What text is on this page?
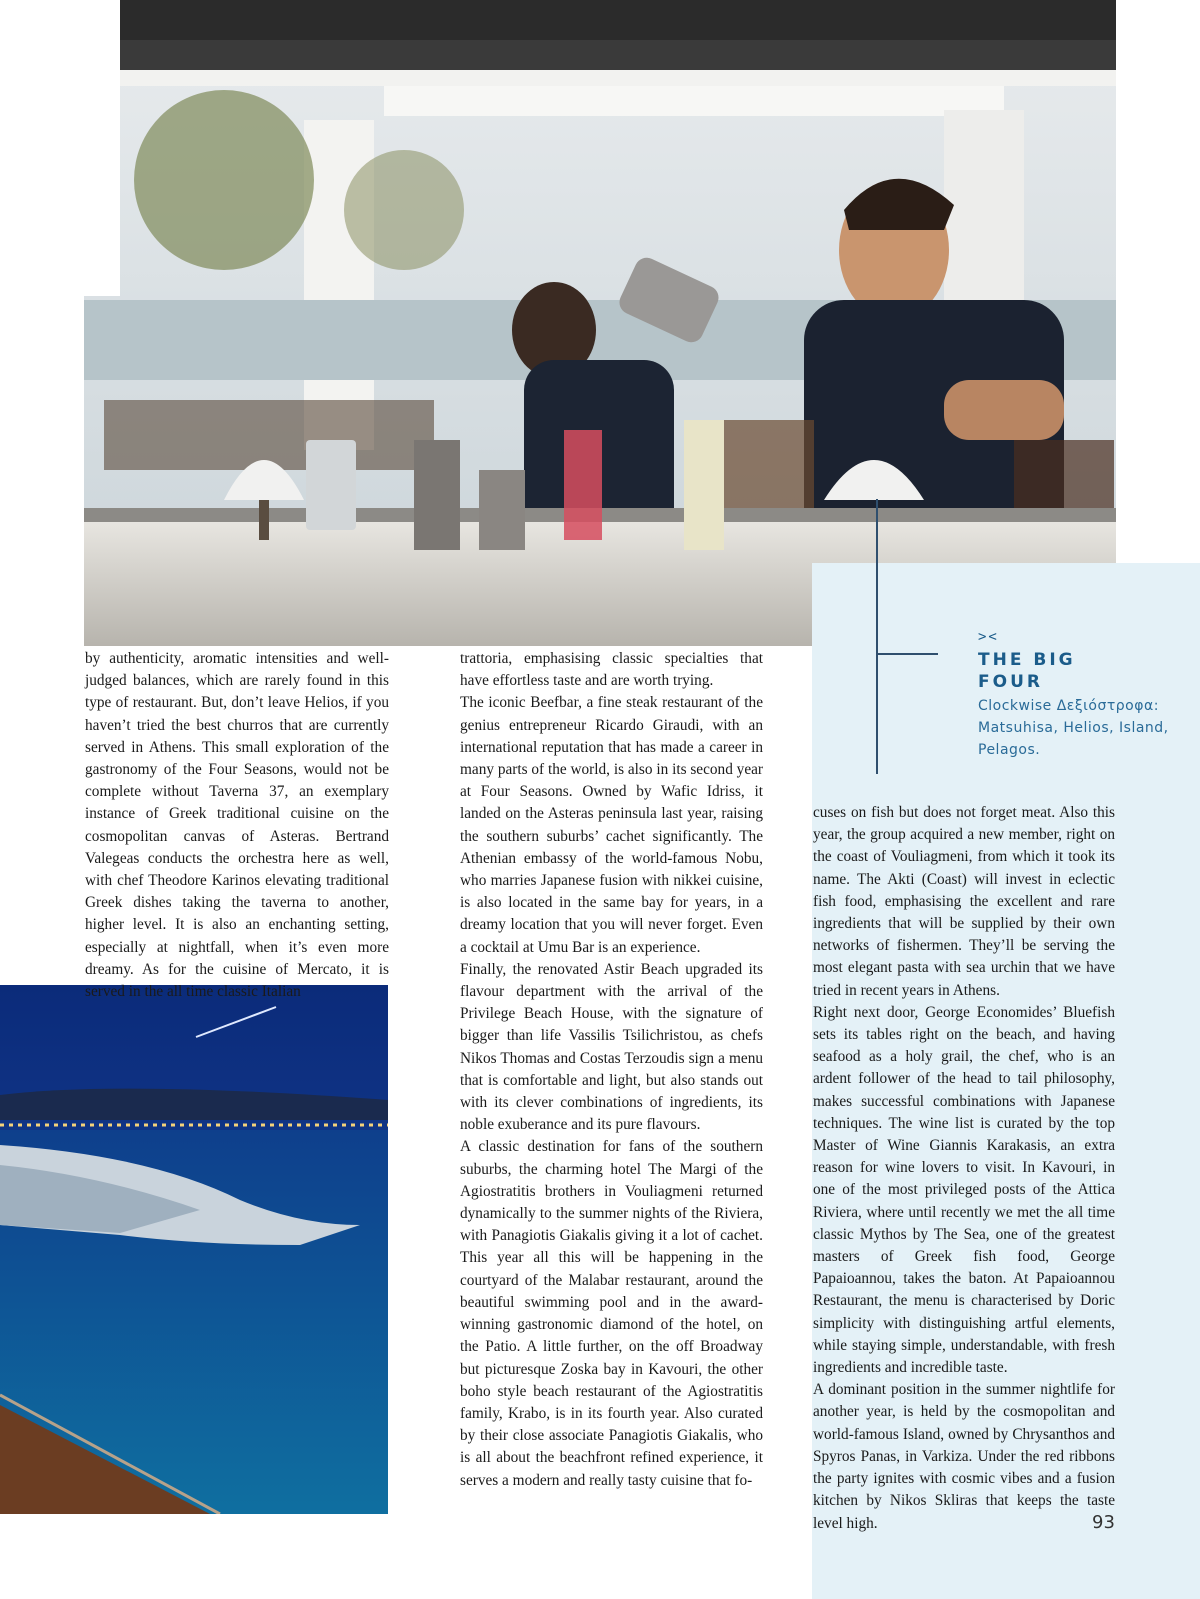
><
THE BIG FOUR
Clockwise Δεξιόστροφα: Matsuhisa, Helios, Island, Pelagos.

by authenticity, aromatic intensities and well-judged balances, which are rarely found in this type of restaurant. But, don’t leave Helios, if you haven’t tried the best churros that are currently served in Athens. This small exploration of the gastronomy of the Four Seasons, would not be complete without Taverna 37, an exemplary instance of Greek traditional cuisine on the cosmopolitan canvas of Asteras. Bertrand Valegeas conducts the orchestra here as well, with chef Theodore Karinos elevating traditional Greek dishes taking the taverna to another, higher level. It is also an enchanting setting, especially at nightfall, when it’s even more dreamy. As for the cuisine of Mercato, it is served in the all time classic Italian

trattoria, emphasising classic specialties that have effortless taste and are worth trying.

The iconic Beefbar, a fine steak restaurant of the genius entrepreneur Ricardo Giraudi, with an international reputation that has made a career in many parts of the world, is also in its second year at Four Seasons. Owned by Wafic Idriss, it landed on the Asteras peninsula last year, raising the southern suburbs’ cachet significantly. The Athenian embassy of the world-famous Nobu, who marries Japanese fusion with nikkei cuisine, is also located in the same bay for years, in a dreamy location that you will never forget. Even a cocktail at Umu Bar is an experience.

Finally, the renovated Astir Beach upgraded its flavour department with the arrival of the Privilege Beach House, with the signature of bigger than life Vassilis Tsilichristou, as chefs Nikos Thomas and Costas Terzoudis sign a menu that is comfortable and light, but also stands out with its clever combinations of ingredients, its noble exuberance and its pure flavours.

A classic destination for fans of the southern suburbs, the charming hotel The Margi of the Agiostratitis brothers in Vouliagmeni returned dynamically to the summer nights of the Riviera, with Panagiotis Giakalis giving it a lot of cachet. This year all this will be happening in the courtyard of the Malabar restaurant, around the beautiful swimming pool and in the award-winning gastronomic diamond of the hotel, on the Patio. A little further, on the off Broadway but picturesque Zoska bay in Kavouri, the other boho style beach restaurant of the Agiostratitis family, Krabo, is in its fourth year. Also curated by their close associate Panagiotis Giakalis, who is all about the beachfront refined experience, it serves a modern and really tasty cuisine that fo-

cuses on fish but does not forget meat. Also this year, the group acquired a new member, right on the coast of Vouliagmeni, from which it took its name. The Akti (Coast) will invest in eclectic fish food, emphasising the excellent and rare ingredients that will be supplied by their own networks of fishermen. They’ll be serving the most elegant pasta with sea urchin that we have tried in recent years in Athens.

Right next door, George Economides’ Bluefish sets its tables right on the beach, and having seafood as a holy grail, the chef, who is an ardent follower of the head to tail philosophy, makes successful combinations with Japanese techniques. The wine list is curated by the top Master of Wine Giannis Karakasis, an extra reason for wine lovers to visit. In Kavouri, in one of the most privileged posts of the Attica Riviera, where until recently we met the all time classic Mythos by The Sea, one of the greatest masters of Greek fish food, George Papaioannou, takes the baton. At Papaioannou Restaurant, the menu is characterised by Doric simplicity with distinguishing artful elements, while staying simple, understandable, with fresh ingredients and incredible taste.

A dominant position in the summer nightlife for another year, is held by the cosmopolitan and world-famous Island, owned by Chrysanthos and Spyros Panas, in Varkiza. Under the red ribbons the party ignites with cosmic vibes and a fusion kitchen by Nikos Skliras that keeps the taste level high.	93
